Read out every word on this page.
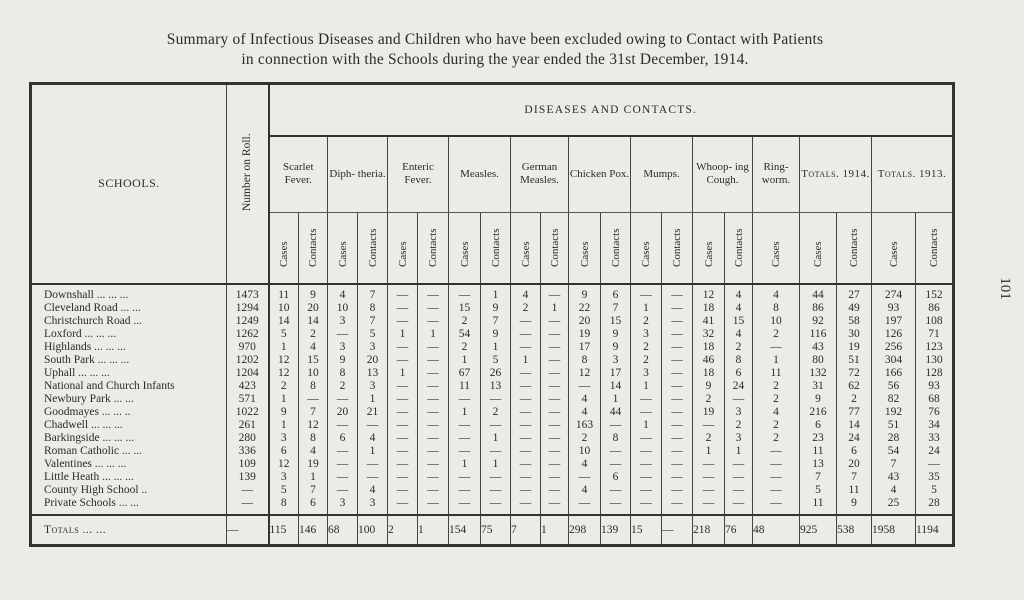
Summary of Infectious Diseases and Children who have been excluded owing to Contact with Patients
in connection with the Schools during the year ended the 31st December, 1914.
101
SCHOOLS.	Number on Roll.	DISEASES AND CONTACTS.																				
		Scarlet Fever.		Diph- theria.		Enteric Fever.		Measles.		German Measles.		Chicken Pox.		Mumps.		Whoop- ing Cough.		Ring- worm.	Totals. 1914.		Totals. 1913.	

		Cases	Contacts	Cases	Contacts	Cases	Contacts	Cases	Contacts	Cases	Contacts	Cases	Contacts	Cases	Contacts	Cases	Contacts	Cases	Cases	Contacts	Cases	Contacts

Downshall ... ... ...	1473	11	9	4	7	—	—	—	1	4	—	9	6	—	—	12	4	4	44	27	274	152
Cleveland Road ... ...	1294	10	20	10	8	—	—	15	9	2	1	22	7	1	—	18	4	8	86	49	93	86
Christchurch Road ...	1249	14	14	3	7	—	—	2	7	—	—	20	15	2	—	41	15	10	92	58	197	108
Loxford ... ... ...	1262	5	2	—	5	1	1	54	9	—	—	19	9	3	—	32	4	2	116	30	126	71
Highlands ... ... ...	970	1	4	3	3	—	—	2	1	—	—	17	9	2	—	18	2	—	43	19	256	123
South Park ... ... ...	1202	12	15	9	20	—	—	1	5	1	—	8	3	2	—	46	8	1	80	51	304	130
Uphall ... ... ...	1204	12	10	8	13	1	—	67	26	—	—	12	17	3	—	18	6	11	132	72	166	128
National and Church Infants	423	2	8	2	3	—	—	11	13	—	—	—	14	1	—	9	24	2	31	62	56	93
Newbury Park ... ...	571	1	—	—	1	—	—	—	—	—	—	4	1	—	—	2	—	2	9	2	82	68
Goodmayes ... ... ..	1022	9	7	20	21	—	—	1	2	—	—	4	44	—	—	19	3	4	216	77	192	76
Chadwell ... ... ...	261	1	12	—	—	—	—	—	—	—	—	163	—	1	—	—	2	2	6	14	51	34
Barkingside ... ... ...	280	3	8	6	4	—	—	—	1	—	—	2	8	—	—	2	3	2	23	24	28	33
Roman Catholic ... ...	336	6	4	—	1	—	—	—	—	—	—	10	—	—	—	1	1	—	11	6	54	24
Valentines ... ... ...	109	12	19	—	—	—	—	1	1	—	—	4	—	—	—	—	—	—	13	20	7	—
Little Heath ... ... ...	139	3	1	—	—	—	—	—	—	—	—	—	6	—	—	—	—	—	7	7	43	35
County High School ..	—	5	7	—	4	—	—	—	—	—	—	4	—	—	—	—	—	—	5	11	4	5
Private Schools ... ...	—	8	6	3	3	—	—	—	—	—	—	—	—	—	—	—	—	—	11	9	25	28
Totals ... ...	—	115	146	68	100	2	1	154	75	7	1	298	139	15	—	218	76	48	925	538	1958	1194
